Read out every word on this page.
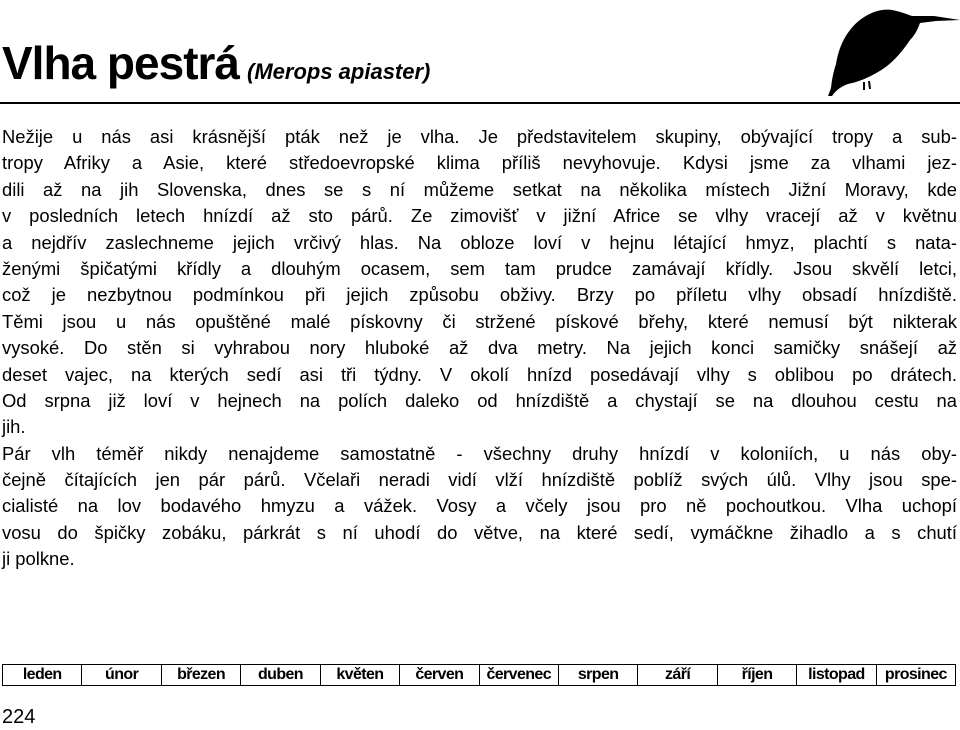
Vlha pestrá (Merops apiaster)
Nežije u nás asi krásnější pták než je vlha. Je představitelem skupiny, obývající tropy a sub-
tropy Afriky a Asie, které středoevropské klima příliš nevyhovuje. Kdysi jsme za vlhami jez-
dili až na jih Slovenska, dnes se s ní můžeme setkat na několika místech Jižní Moravy, kde
v posledních letech hnízdí až sto párů. Ze zimovišť v jižní Africe se vlhy vracejí až v květnu
a nejdřív zaslechneme jejich vrčivý hlas. Na obloze loví v hejnu létající hmyz, plachtí s nata-
ženými špičatými křídly a dlouhým ocasem, sem tam prudce zamávají křídly. Jsou skvělí letci,
což je nezbytnou podmínkou při jejich způsobu obživy. Brzy po příletu vlhy obsadí hnízdiště.
Těmi jsou u nás opuštěné malé pískovny či stržené pískové břehy, které nemusí být nikterak
vysoké. Do stěn si vyhrabou nory hluboké až dva metry. Na jejich konci samičky snášejí až
deset vajec, na kterých sedí asi tři týdny. V okolí hnízd posedávají vlhy s oblibou po drátech.
Od srpna již loví v hejnech na polích daleko od hnízdiště a chystají se na dlouhou cestu na
jih.
Pár vlh téměř nikdy nenajdeme samostatně - všechny druhy hnízdí v koloniích, u nás oby-
čejně čítajících jen pár párů. Včelaři neradi vidí vlží hnízdiště poblíž svých úlů. Vlhy jsou spe-
cialisté na lov bodavého hmyzu a vážek. Vosy a včely jsou pro ně pochoutkou. Vlha uchopí
vosu do špičky zobáku, párkrát s ní uhodí do větve, na které sedí, vymáčkne žihadlo a s chutí
ji polkne.
leden	únor	březen	duben	květen	červen	červenec	srpen	září	říjen	listopad	prosinec
224
